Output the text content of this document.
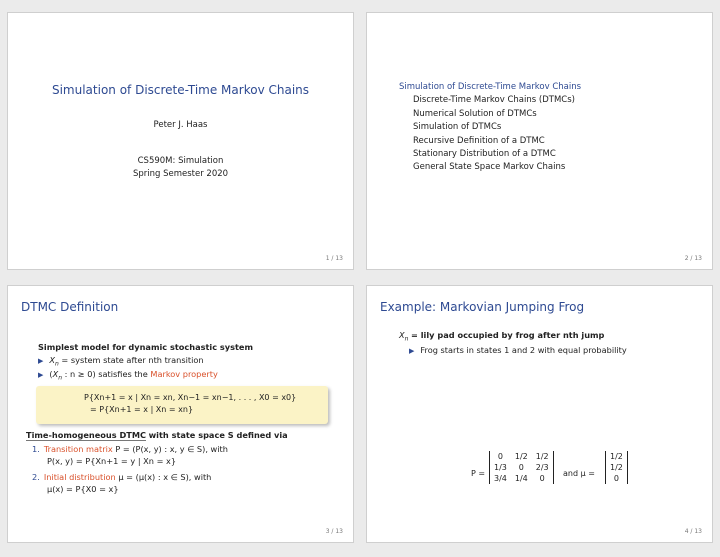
Simulation of Discrete-Time Markov Chains
Peter J. Haas
CS590M: Simulation
Spring Semester 2020
1 / 13
Simulation of Discrete-Time Markov Chains
Discrete-Time Markov Chains (DTMCs)
Numerical Solution of DTMCs
Simulation of DTMCs
Recursive Definition of a DTMC
Stationary Distribution of a DTMC
General State Space Markov Chains
2 / 13
DTMC Definition
Simplest model for dynamic stochastic system
▶ $X_n$ = system state after nth transition
▶ ($X_n$ : n ≥ 0) satisfies the Markov property
P{Xn+1 = x | Xn = xn, Xn−1 = xn−1, . . . , X0 = x0}
= P{Xn+1 = x | Xn = xn}
Time-homogeneous DTMC with state space S defined via
1. Transition matrix P = (P(x, y) : x, y ∈ S), with
P(x, y) = P{Xn+1 = y | Xn = x}
2. Initial distribution μ = (μ(x) : x ∈ S), with
μ(x) = P{X0 = x}
3 / 13
Example: Markovian Jumping Frog
$X_n$ = lily pad occupied by frog after nth jump
▶ Frog starts in states 1 and 2 with equal probability
P =
0	1/2	1/2
1/3	0	2/3
3/4	1/4	0
and μ =
1/2
1/2
0
4 / 13
